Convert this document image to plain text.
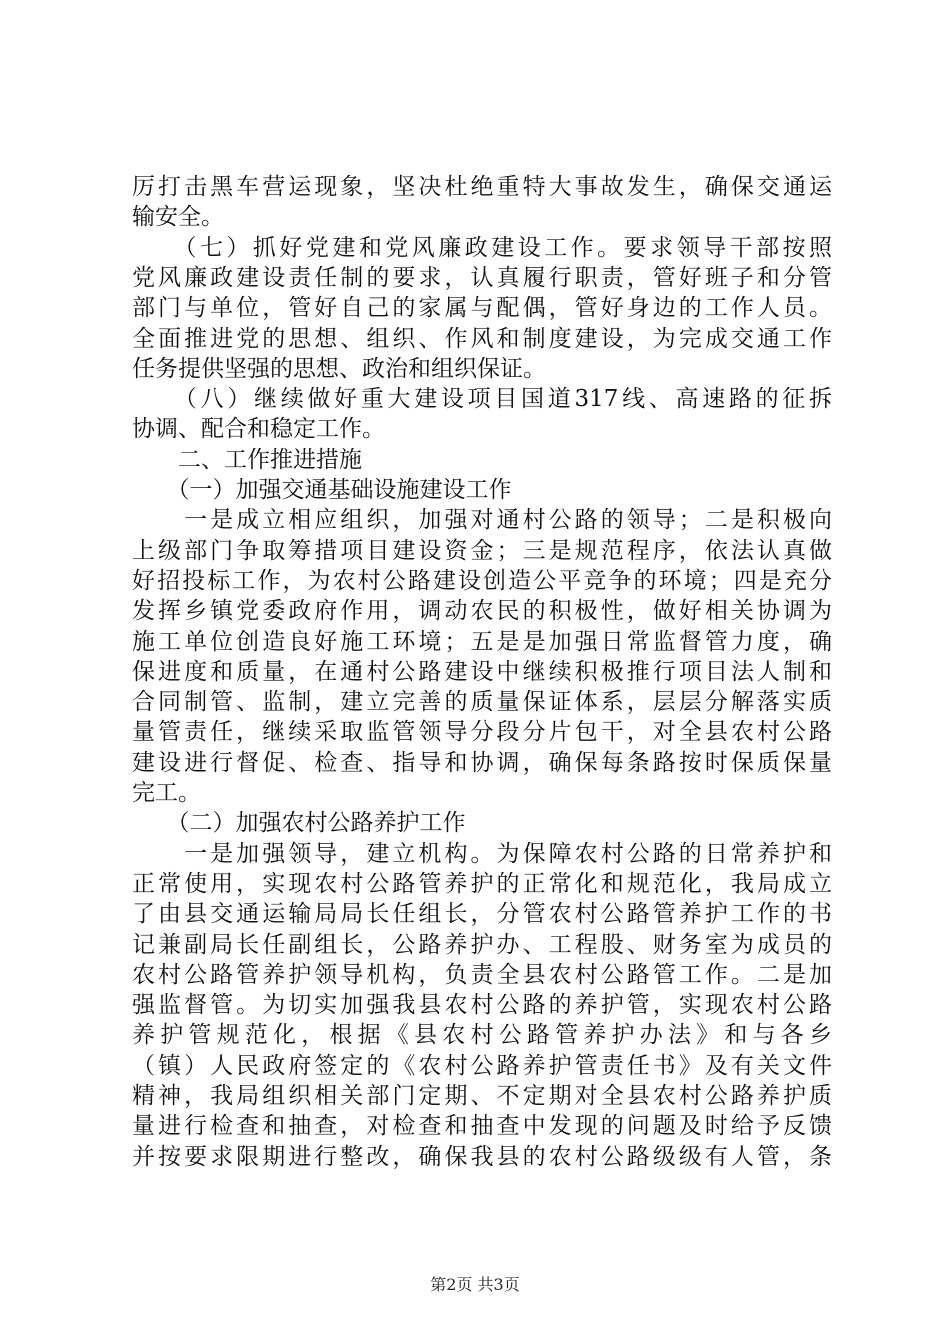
厉打击黑车营运现象，坚决杜绝重特大事故发生，确保交通运
输安全。
　　（七）抓好党建和党风廉政建设工作。要求领导干部按照
党风廉政建设责任制的要求，认真履行职责，管好班子和分管
部门与单位，管好自己的家属与配偶，管好身边的工作人员。
全面推进党的思想、组织、作风和制度建设，为完成交通工作
任务提供坚强的思想、政治和组织保证。
　　（八）继续做好重大建设项目国道317线、高速路的征拆
协调、配合和稳定工作。
　　二、工作推进措施
　　（一）加强交通基础设施建设工作
　　一是成立相应组织，加强对通村公路的领导；二是积极向
上级部门争取筹措项目建设资金；三是规范程序，依法认真做
好招投标工作，为农村公路建设创造公平竞争的环境；四是充分
发挥乡镇党委政府作用，调动农民的积极性，做好相关协调为
施工单位创造良好施工环境；五是是加强日常监督管力度，确
保进度和质量，在通村公路建设中继续积极推行项目法人制和
合同制管、监制，建立完善的质量保证体系，层层分解落实质
量管责任，继续采取监管领导分段分片包干，对全县农村公路
建设进行督促、检查、指导和协调，确保每条路按时保质保量
完工。
　　（二）加强农村公路养护工作
　　一是加强领导，建立机构。为保障农村公路的日常养护和
正常使用，实现农村公路管养护的正常化和规范化，我局成立
了由县交通运输局局长任组长，分管农村公路管养护工作的书
记兼副局长任副组长，公路养护办、工程股、财务室为成员的
农村公路管养护领导机构，负责全县农村公路管工作。二是加
强监督管。为切实加强我县农村公路的养护管，实现农村公路
养护管规范化，根据《县农村公路管养护办法》和与各乡
（镇）人民政府签定的《农村公路养护管责任书》及有关文件
精神，我局组织相关部门定期、不定期对全县农村公路养护质
量进行检查和抽查，对检查和抽查中发现的问题及时给予反馈
并按要求限期进行整改，确保我县的农村公路级级有人管，条
第2页 共3页
